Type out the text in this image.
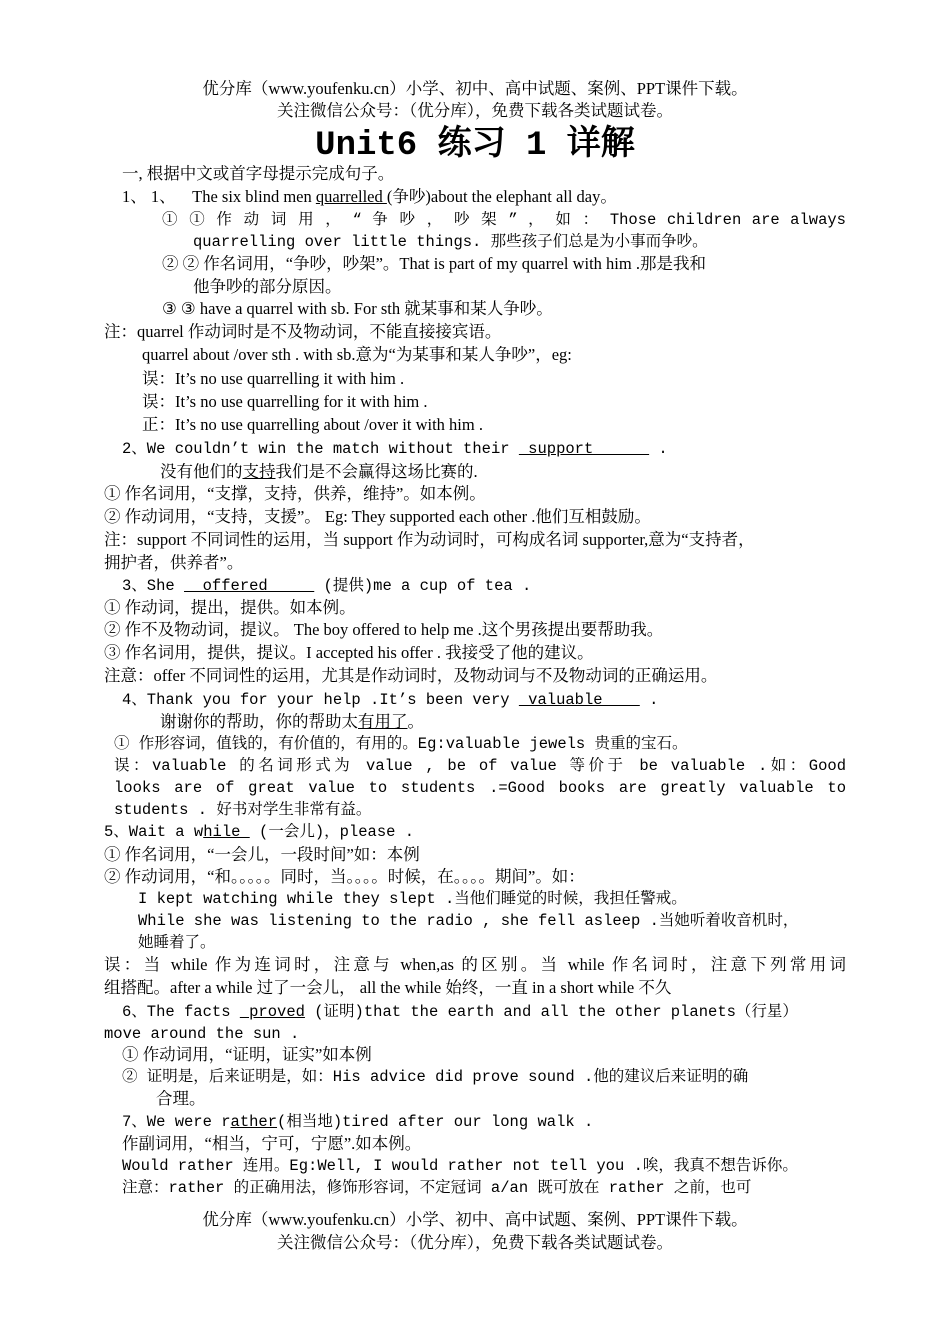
优分库（www.youfenku.cn）小学、初中、高中试题、案例、PPT课件下载。
关注微信公众号：（优分库），免费下载各类试题试卷。
Unit6 练习 1 详解
一, 根据中文或首字母提示完成句子。
1、 1、 The six blind men quarrelled (争吵)about the elephant all day。
① ① 作 动 词 用 ， “ 争 吵 ， 吵 架 ” ， 如 ： Those children are always
quarrelling over little things. 那些孩子们总是为小事而争吵。
② ② 作名词用，“争吵，吵架”。That is part of my quarrel with him .那是我和
他争吵的部分原因。
③ ③ have a quarrel with sb. For sth 就某事和某人争吵。
注：quarrel 作动词时是不及物动词，不能直接接宾语。
quarrel about /over sth . with sb.意为“为某事和某人争吵”，eg:
误：It’s no use quarrelling it with him .
误：It’s no use quarrelling for it with him .
正：It’s no use quarrelling about /over it with him .
2、We couldn’t win the match without their  support       .
没有他们的支持我们是不会赢得这场比赛的.
① 作名词用，“支撑，支持，供养，维持”。如本例。
② 作动词用，“支持，支援”。 Eg: They supported each other .他们互相鼓励。
注：support 不同词性的运用，当 support 作为动词时，可构成名词 supporter,意为“支持者，
拥护者，供养者”。
3、She   offered      (提供)me a cup of tea .
① 作动词，提出，提供。如本例。
② 作不及物动词，提议。 The boy offered to help me .这个男孩提出要帮助我。
③ 作名词用，提供，提议。I accepted his offer . 我接受了他的建议。
注意：offer 不同词性的运用，尤其是作动词时，及物动词与不及物动词的正确运用。
4、Thank you for your help .It’s been very  valuable     .
谢谢你的帮助，你的帮助太有用了。
① 作形容词，值钱的，有价值的，有用的。Eg:valuable jewels 贵重的宝石。
误：valuable 的名词形式为 value , be of value 等价于 be valuable .如：Good
looks are of great value to students .=Good books are greatly valuable to
students . 好书对学生非常有益。
5、Wait a while  (一会儿)，please .
① 作名词用，“一会儿，一段时间”如：本例
② 作动词用，“和。。。。。同时，当。。。。时候，在。。。。期间”。如：
I kept watching while they slept .当他们睡觉的时候，我担任警戒。
While she was listening to the radio , she fell asleep .当她听着收音机时，
她睡着了。
误：当 while 作为连词时，注意与 when,as 的区别。当 while 作名词时，注意下列常用词
组搭配。after a while 过了一会儿， all the while 始终，一直 in a short while 不久
6、The facts  proved (证明)that the earth and all the other planets（行星）
move around the sun .
① 作动词用，“证明，证实”如本例
② 证明是，后来证明是，如：His advice did prove sound .他的建议后来证明的确
合理。
7、We were rather(相当地)tired after our long walk .
作副词用，“相当，宁可，宁愿”.如本例。
Would rather 连用。Eg:Well, I would rather not tell you .唉，我真不想告诉你。
注意：rather 的正确用法，修饰形容词，不定冠词 a/an 既可放在 rather 之前，也可
优分库（www.youfenku.cn）小学、初中、高中试题、案例、PPT课件下载。
关注微信公众号：（优分库），免费下载各类试题试卷。
